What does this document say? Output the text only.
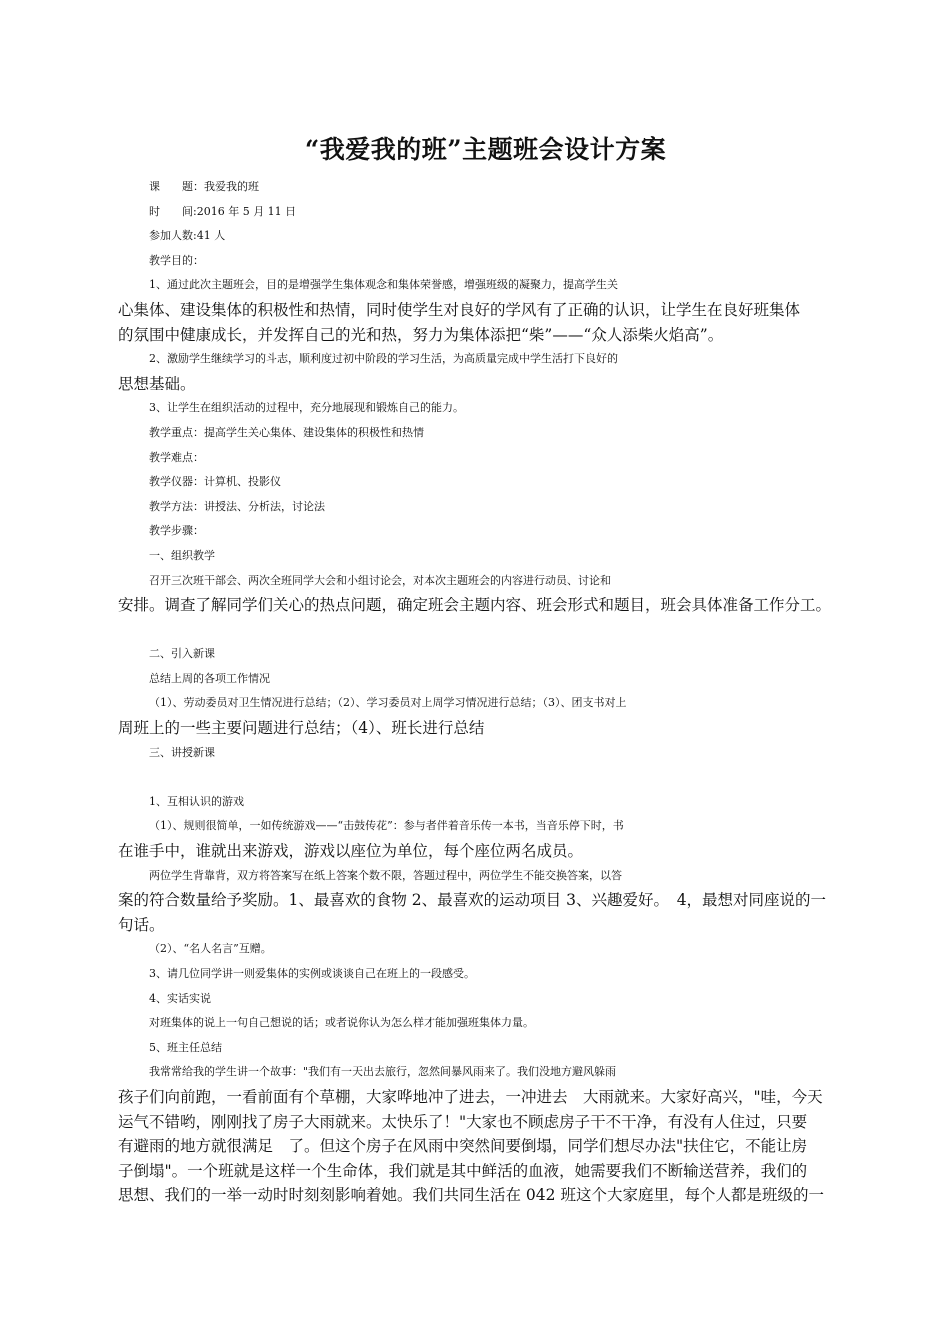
“我爱我的班”主题班会设计方案

课　　题：我爱我的班

时　　间:2016 年 5 月 11 日

参加人数:41 人

教学目的：

1、通过此次主题班会，目的是增强学生集体观念和集体荣誉感，增强班级的凝聚力，提高学生关

心集体、建设集体的积极性和热情，同时使学生对良好的学风有了正确的认识，让学生在良好班集体

的氛围中健康成长，并发挥自己的光和热，努力为集体添把“柴”——“众人添柴火焰高”。

2、激励学生继续学习的斗志，顺利度过初中阶段的学习生活，为高质量完成中学生活打下良好的

思想基础。

3、让学生在组织活动的过程中，充分地展现和锻炼自己的能力。

教学重点：提高学生关心集体、建设集体的积极性和热情

教学难点：

教学仪器：计算机、投影仪

教学方法：讲授法、分析法，讨论法

教学步骤：

一、组织教学

召开三次班干部会、两次全班同学大会和小组讨论会，对本次主题班会的内容进行动员、讨论和

安排。调查了解同学们关心的热点问题，确定班会主题内容、班会形式和题目，班会具体准备工作分工。

二、引入新课

总结上周的各项工作情况

（1）、劳动委员对卫生情况进行总结；（2）、学习委员对上周学习情况进行总结；（3）、团支书对上

周班上的一些主要问题进行总结；（4）、班长进行总结

三、讲授新课

1、互相认识的游戏

（1）、规则很简单，一如传统游戏——“击鼓传花”：参与者伴着音乐传一本书，当音乐停下时，书

在谁手中，谁就出来游戏，游戏以座位为单位，每个座位两名成员。

两位学生背靠背，双方将答案写在纸上答案个数不限，答题过程中，两位学生不能交换答案，以答

案的符合数量给予奖励。1、最喜欢的食物 2、最喜欢的运动项目 3、兴趣爱好。　4，最想对同座说的一

句话。

（2）、“名人名言”互赠。

3、请几位同学讲一则爱集体的实例或谈谈自己在班上的一段感受。

4、实话实说

对班集体的说上一句自己想说的话；或者说你认为怎么样才能加强班集体力量。

5、班主任总结

我常常给我的学生讲一个故事："我们有一天出去旅行，忽然间暴风雨来了。我们没地方避风躲雨

孩子们向前跑，一看前面有个草棚，大家哗地冲了进去，一冲进去　大雨就来。大家好高兴，"哇，今天

运气不错哟，刚刚找了房子大雨就来。太快乐了！"大家也不顾虑房子干不干净，有没有人住过，只要

有避雨的地方就很满足　了。但这个房子在风雨中突然间要倒塌，同学们想尽办法"扶住它，不能让房

子倒塌"。一个班就是这样一个生命体，我们就是其中鲜活的血液，她需要我们不断输送营养，我们的

思想、我们的一举一动时时刻刻影响着她。我们共同生活在 042 班这个大家庭里，每个人都是班级的一
